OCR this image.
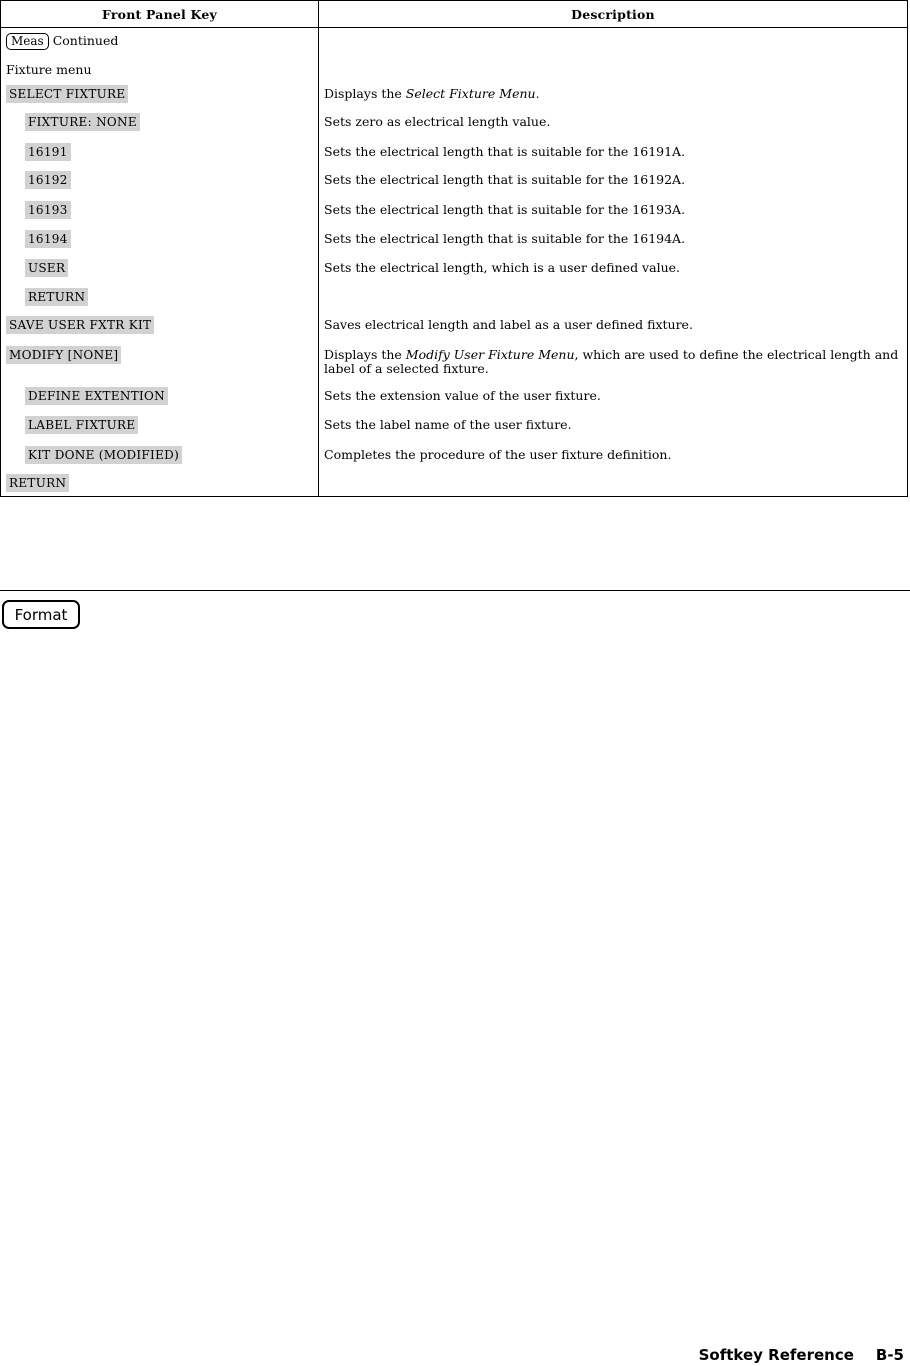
Front Panel Key	Description
Meas Continued
Fixture menu
SELECT FIXTURE	Displays the Select Fixture Menu.
FIXTURE: NONE	Sets zero as electrical length value.
16191	Sets the electrical length that is suitable for the 16191A.
16192	Sets the electrical length that is suitable for the 16192A.
16193	Sets the electrical length that is suitable for the 16193A.
16194	Sets the electrical length that is suitable for the 16194A.
USER	Sets the electrical length, which is a user defined value.
RETURN
SAVE USER FXTR KIT	Saves electrical length and label as a user defined fixture.
MODIFY [NONE]	Displays the Modify User Fixture Menu, which are used to define the electrical length and label of a selected fixture.
DEFINE EXTENTION	Sets the extension value of the user fixture.
LABEL FIXTURE	Sets the label name of the user fixture.
KIT DONE (MODIFIED)	Completes the procedure of the user fixture definition.
RETURN
Format
Softkey Reference B-5
